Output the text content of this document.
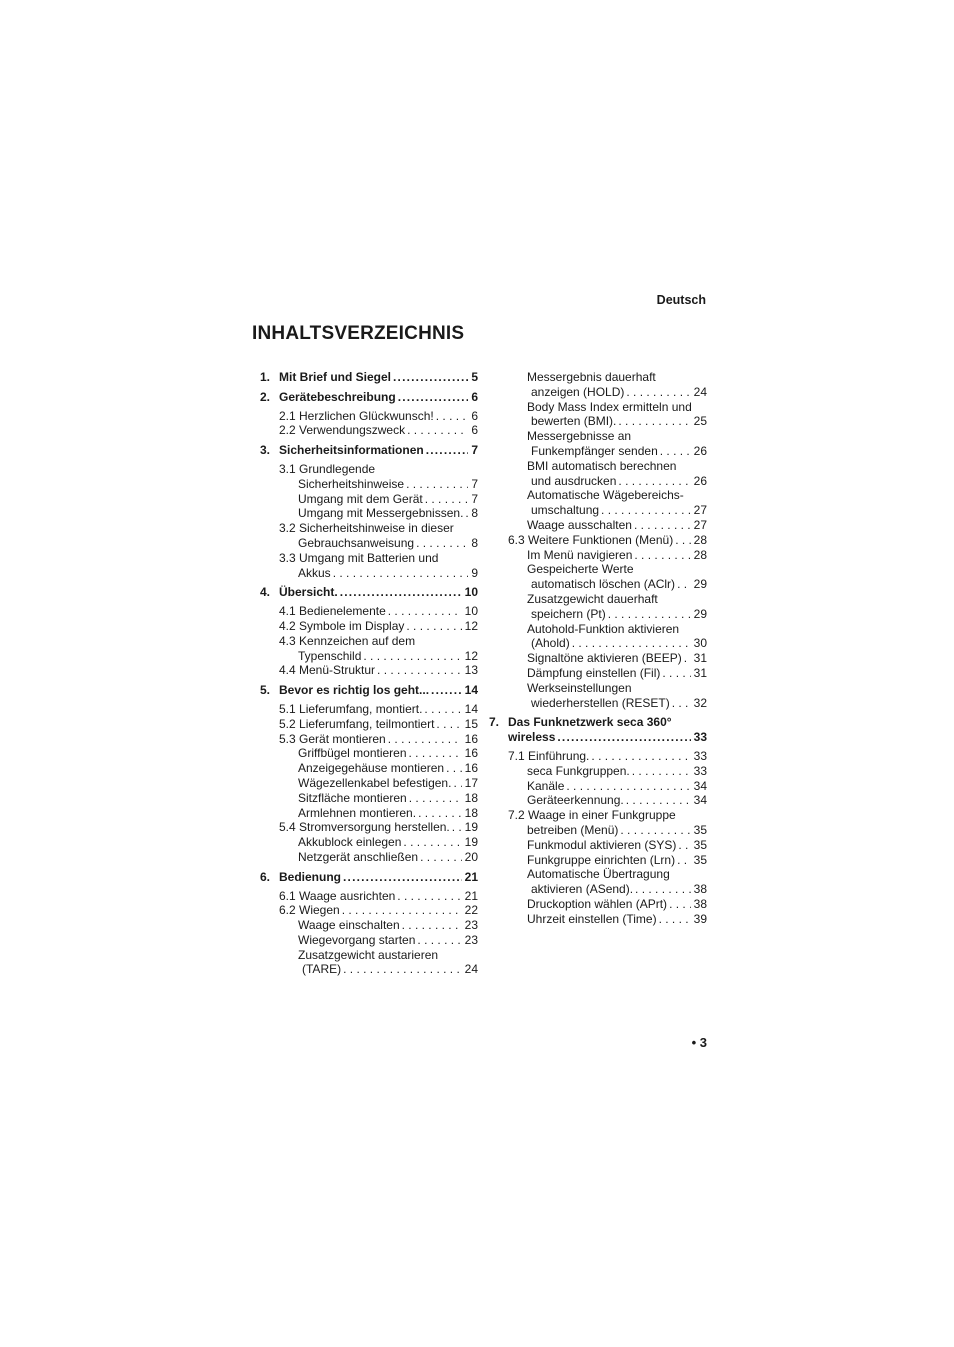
Deutsch
INHALTSVERZEICHNIS
1. Mit Brief und Siegel .....	5
2. Gerätebeschreibung .....	6
2.1 Herzlichen Glückwunsch! . . .	6
2.2 Verwendungszweck . . .	6
3. Sicherheitsinformationen .....	7
3.1 Grundlegende
Sicherheitshinweise . . .	7
Umgang mit dem Gerät . . .	7
Umgang mit Messergebnissen. . . . 8
3.2 Sicherheitshinweise in dieser
Gebrauchsanweisung . . .	8
3.3 Umgang mit Batterien und
Akkus . . .	9
4. Übersicht. .....	10
4.1 Bedienelemente . . .	10
4.2 Symbole im Display . . .	12
4.3 Kennzeichen auf dem
Typenschild . . .	12
4.4 Menü-Struktur . . .	13
5. Bevor es richtig los geht... .....	14
5.1 Lieferumfang, montiert. . . .	14
5.2 Lieferumfang, teilmontiert . . .	15
5.3 Gerät montieren . . .	16
Griffbügel montieren . . .	16
Anzeigegehäuse montieren . . . 16
Wägezellenkabel befestigen. . . . 17
Sitzfläche montieren . . .	18
Armlehnen montieren. . . .	18
5.4 Stromversorgung herstellen. . . . 19
Akkublock einlegen . . .	19
Netzgerät anschließen . . .	20
6. Bedienung .....	21
6.1 Waage ausrichten . . .	21
6.2 Wiegen . . .	22
Waage einschalten . . .	23
Wiegevorgang starten . . .	23
Zusatzgewicht austarieren
(TARE) . . .	24
Messergebnis dauerhaft
anzeigen (HOLD) . . .	24
Body Mass Index ermitteln und
bewerten (BMI). . . .	25
Messergebnisse an
Funkempfänger senden . . .	26
BMI automatisch berechnen
und ausdrucken . . .	26
Automatische Wägebereichs-
umschaltung . . .	27
Waage ausschalten . . .	27
6.3 Weitere Funktionen (Menü) . . . 28
Im Menü navigieren . . .	28
Gespeicherte Werte
automatisch löschen (AClr) . . . 29
Zusatzgewicht dauerhaft
speichern (Pt) . . .	29
Autohold-Funktion aktivieren
(Ahold) . . .	30
Signaltöne aktivieren (BEEP) . . . 31
Dämpfung einstellen (Fil) . . .	31
Werkseinstellungen
wiederherstellen (RESET) . . . 32
7. Das Funknetzwerk seca 360°
wireless .....	33
7.1 Einführung. . . .	33
seca Funkgruppen. . . .	33
Kanäle . . .	34
Geräteerkennung. . . .	34
7.2 Waage in einer Funkgruppe
betreiben (Menü) . . .	35
Funkmodul aktivieren (SYS) . . . 35
Funkgruppe einrichten (Lrn) . . . 35
Automatische Übertragung
aktivieren (ASend). . . .	38
Druckoption wählen (APrt) . . . 38
Uhrzeit einstellen (Time) . . .	39
• 3
